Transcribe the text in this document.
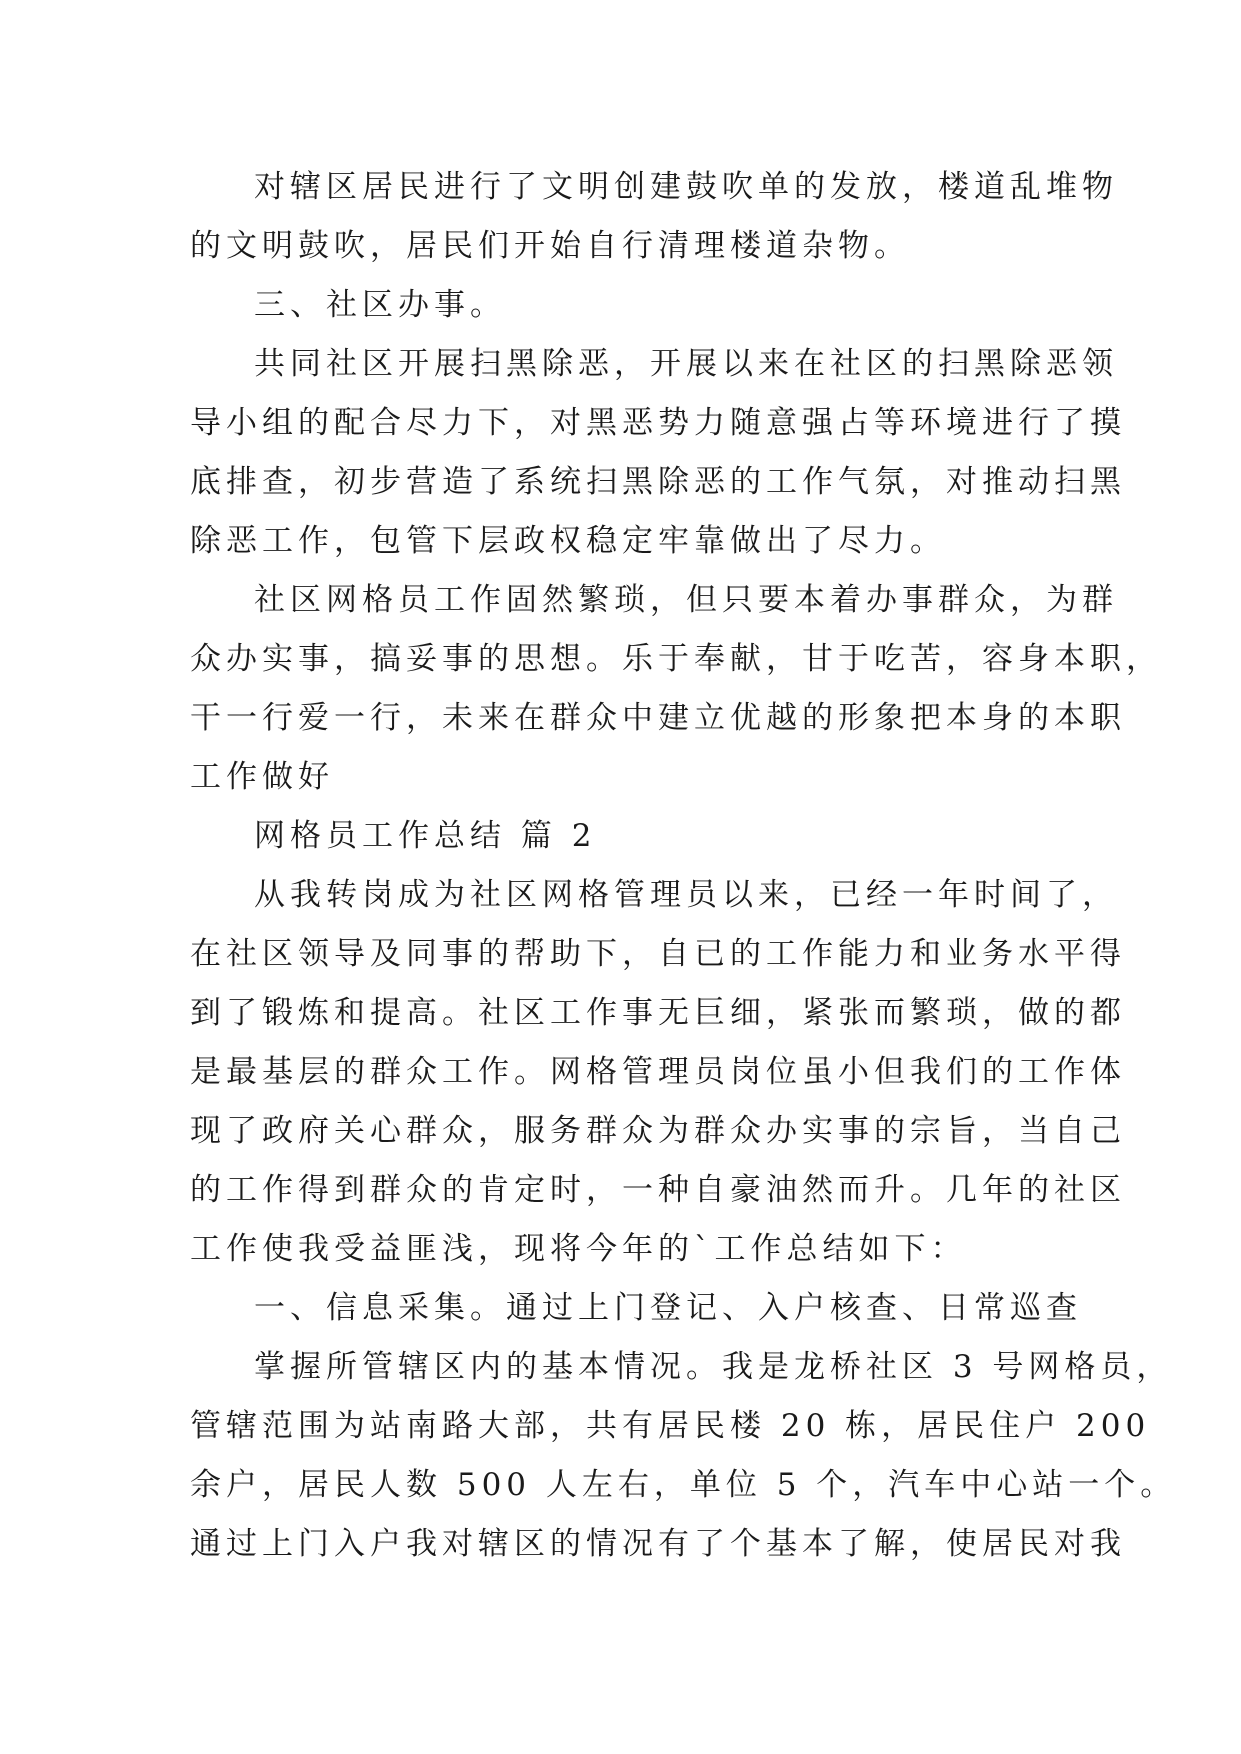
对辖区居民进行了文明创建鼓吹单的发放，楼道乱堆物
的文明鼓吹，居民们开始自行清理楼道杂物。
三、社区办事。
共同社区开展扫黑除恶，开展以来在社区的扫黑除恶领
导小组的配合尽力下，对黑恶势力随意强占等环境进行了摸
底排查，初步营造了系统扫黑除恶的工作气氛，对推动扫黑
除恶工作，包管下层政权稳定牢靠做出了尽力。
社区网格员工作固然繁琐，但只要本着办事群众，为群
众办实事，搞妥事的思想。乐于奉献，甘于吃苦，容身本职，
干一行爱一行，未来在群众中建立优越的形象把本身的本职
工作做好
网格员工作总结 篇 2
从我转岗成为社区网格管理员以来，已经一年时间了，
在社区领导及同事的帮助下，自已的工作能力和业务水平得
到了锻炼和提高。社区工作事无巨细，紧张而繁琐，做的都
是最基层的群众工作。网格管理员岗位虽小但我们的工作体
现了政府关心群众，服务群众为群众办实事的宗旨，当自己
的工作得到群众的肯定时，一种自豪油然而升。几年的社区
工作使我受益匪浅，现将今年的`工作总结如下：
一、信息采集。通过上门登记、入户核查、日常巡查
掌握所管辖区内的基本情况。我是龙桥社区 3 号网格员，
管辖范围为站南路大部，共有居民楼 20 栋，居民住户 200
余户，居民人数 500 人左右，单位 5 个，汽车中心站一个。
通过上门入户我对辖区的情况有了个基本了解，使居民对我
